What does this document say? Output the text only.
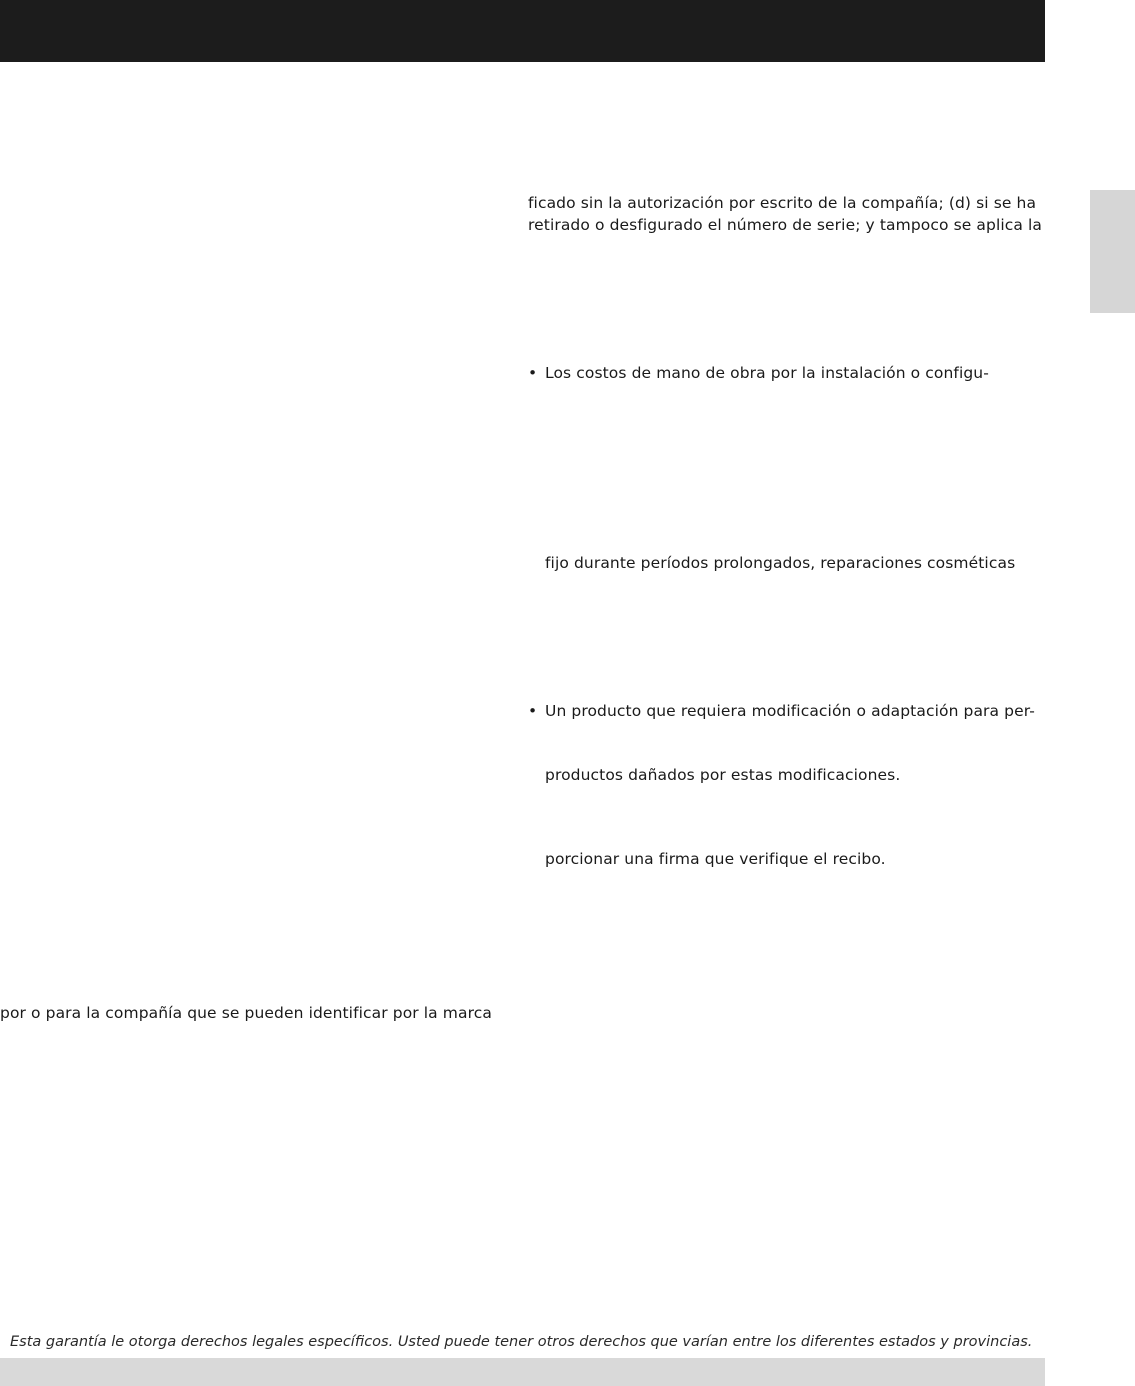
ficado sin la autorización por escrito de la compañía; (d) si se ha
retirado o desfigurado el número de serie; y tampoco se aplica la
• Los costos de mano de obra por la instalación o configu-
fijo durante períodos prolongados, reparaciones cosméticas
• Un producto que requiera modificación o adaptación para per-
productos dañados por estas modificaciones.
porcionar una firma que verifique el recibo.
por o para la compañía que se pueden identificar por la marca
Esta garantía le otorga derechos legales específicos. Usted puede tener otros derechos que varían entre los diferentes estados y provincias.
